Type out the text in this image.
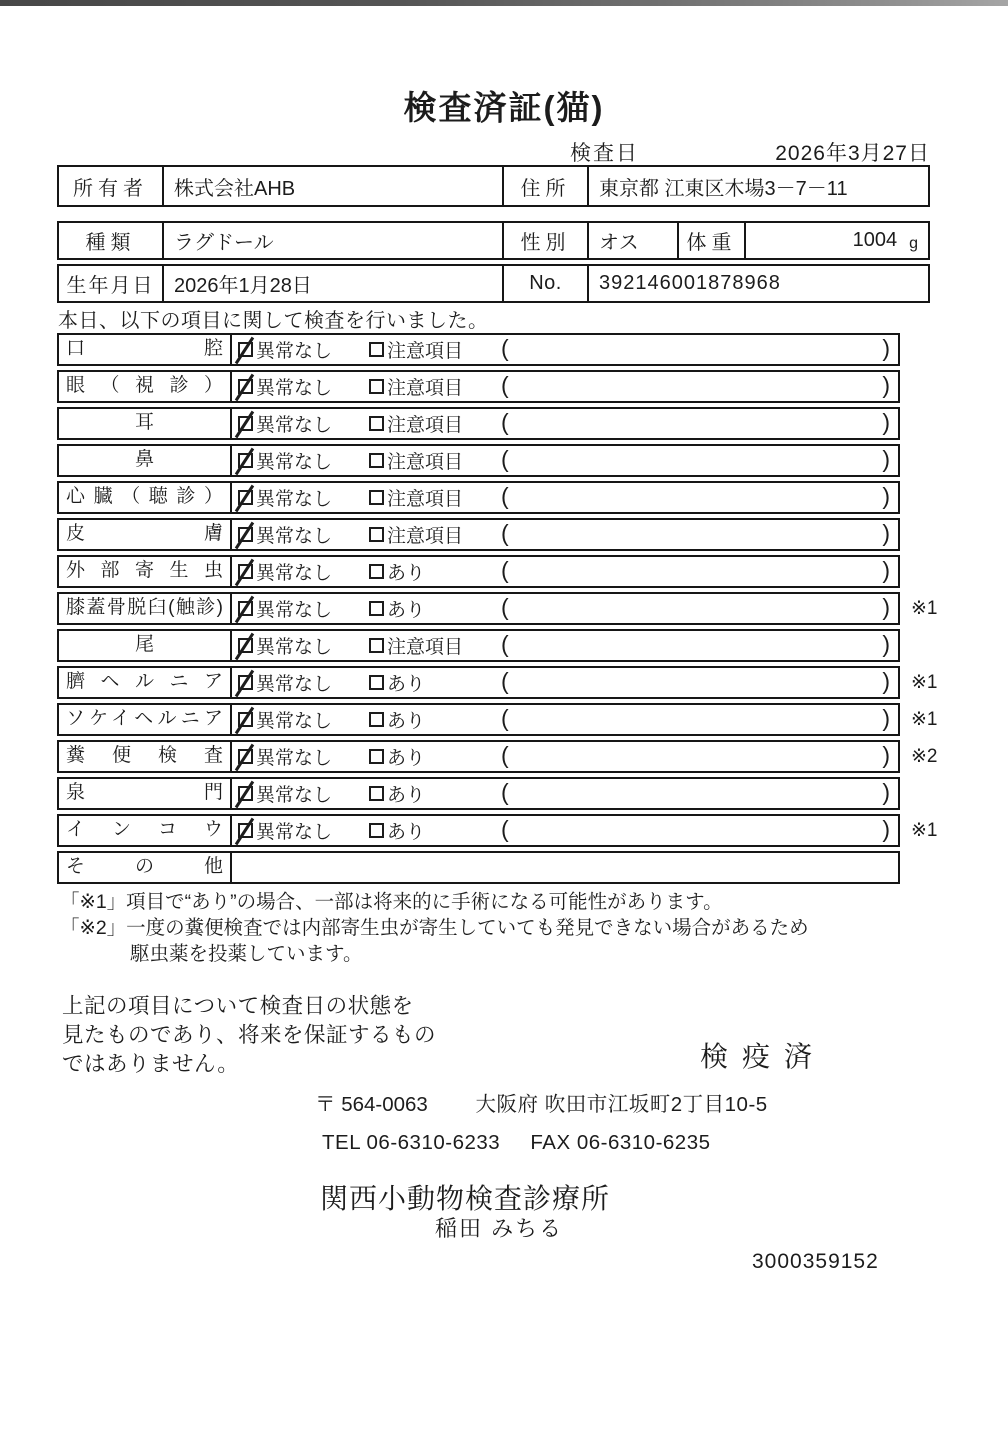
検査済証(猫)
検査日	2026年3月27日
所有者	株式会社AHB	住所	東京都 江東区木場3－7－11
種類	ラグドール	性別	オス	体重	1004 g
生年月日 2026年1月28日	No.	392146001878968
本日、以下の項目に関して検査を行いました。
口腔	異常なし	注意項目 (	)
眼（視診）	異常なし	注意項目 (	)
耳	異常なし	注意項目 (	)
鼻	異常なし	注意項目 (	)
心臓（聴診）	異常なし	注意項目 (	)
皮膚	異常なし	注意項目 (	)
外部寄生虫	異常なし	あり	(	)
膝蓋骨脱臼(触診)	異常なし	あり	(	) ※1
尾	異常なし	注意項目 (	)
臍ヘルニア	異常なし	あり	(	) ※1
ソケイヘルニア	異常なし	あり	(	) ※1
糞便検査	異常なし	あり	(	) ※2
泉門	異常なし	あり	(	)
インコウ	異常なし	あり	(	) ※1
その他
「※1」項目で“あり”の場合、一部は将来的に手術になる可能性があります。
「※2」一度の糞便検査では内部寄生虫が寄生していても発見できない場合があるため
駆虫薬を投薬しています。
上記の項目について検査日の状態を
見たものであり、将来を保証するもの
ではありません。	検疫済
〒 564-0063 大阪府 吹田市江坂町2丁目10-5
TEL 06-6310-6233 FAX 06-6310-6235
関西小動物検査診療所
稲田 みちる
3000359152
